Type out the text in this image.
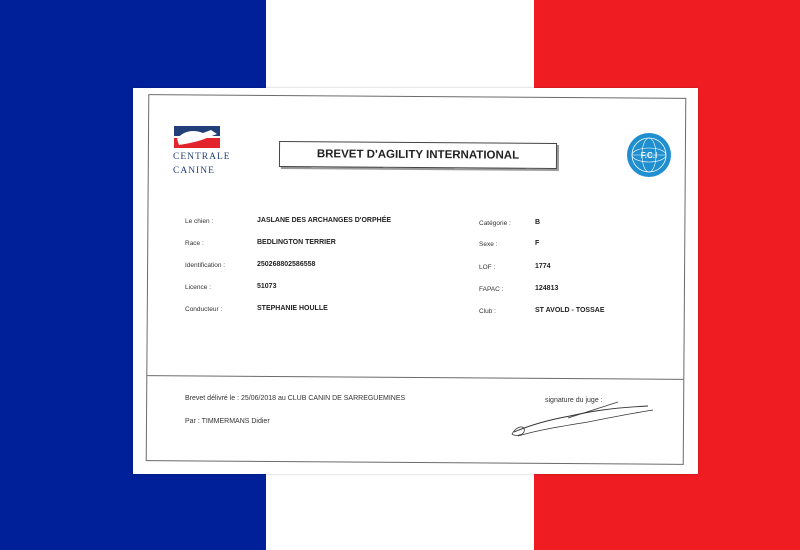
CENTRALE
CANINE
BREVET D'AGILITY INTERNATIONAL	F.C.I
Le chien :	JASLANE DES ARCHANGES D'ORPHÉE
Race :	BEDLINGTON TERRIER
Identification :	250268802586558
Licence :	51073
Conducteur :	STEPHANIE HOULLE
Catégorie :	B
Sexe :	F
LOF :	1774
FAPAC :	124813
Club :	ST AVOLD - TOSSAE
Brevet délivré le : 25/06/2018 au CLUB CANIN DE SARREGUEMINES
Par : TIMMERMANS Didier
signature du juge :
